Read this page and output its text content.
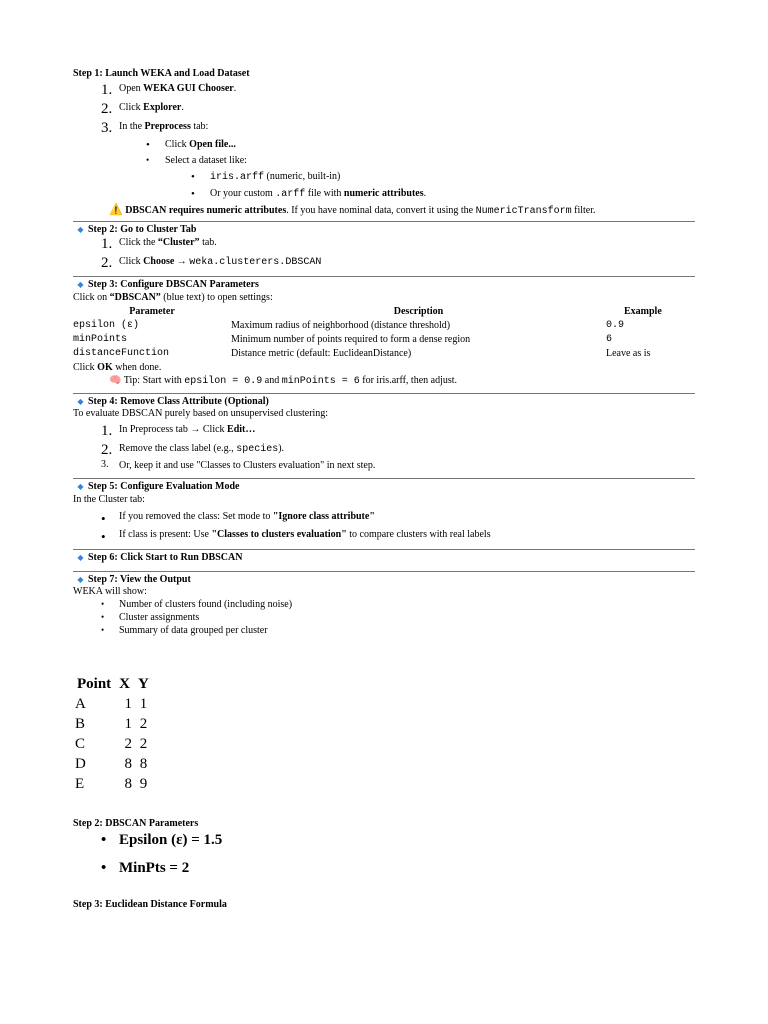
Step 1: Launch WEKA and Load Dataset
1. Open WEKA GUI Chooser.
2. Click Explorer.
3. In the Preprocess tab:
• Click Open file...
• Select a dataset like:
• iris.arff (numeric, built-in)
• Or your custom .arff file with numeric attributes.
⚠️ DBSCAN requires numeric attributes. If you have nominal data, convert it using the NumericTransform filter.
◆ Step 2: Go to Cluster Tab
1. Click the “Cluster” tab.
2. Click Choose → weka.clusterers.DBSCAN
◆ Step 3: Configure DBSCAN Parameters
Click on “DBSCAN” (blue text) to open settings:
Parameter	Description	Example
epsilon (ε)	Maximum radius of neighborhood (distance threshold)	0.9
minPoints	Minimum number of points required to form a dense region	6
distanceFunction	Distance metric (default: EuclideanDistance)	Leave as is
Click OK when done.
🧠 Tip: Start with epsilon = 0.9 and minPoints = 6 for iris.arff, then adjust.
◆ Step 4: Remove Class Attribute (Optional)
To evaluate DBSCAN purely based on unsupervised clustering:
1. In Preprocess tab → Click Edit…
2. Remove the class label (e.g., species).
3. Or, keep it and use "Classes to Clusters evaluation" in next step.
◆ Step 5: Configure Evaluation Mode
In the Cluster tab:
• If you removed the class: Set mode to "Ignore class attribute"
• If class is present: Use "Classes to clusters evaluation" to compare clusters with real labels
◆ Step 6: Click Start to Run DBSCAN
◆ Step 7: View the Output
WEKA will show:
• Number of clusters found (including noise)
• Cluster assignments
• Summary of data grouped per cluster
Point	X	Y
A	1	1
B	1	2
C	2	2
D	8	8
E	8	9
Step 2: DBSCAN Parameters
• Epsilon (ε) = 1.5
• MinPts = 2
Step 3: Euclidean Distance Formula
